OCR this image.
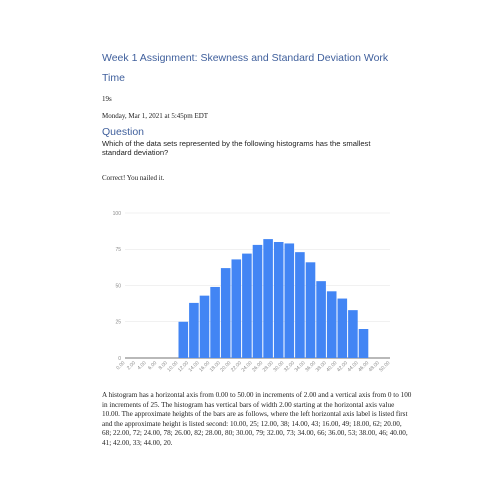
Week 1 Assignment: Skewness and Standard Deviation Work
Time
19s
Monday, Mar 1, 2021 at 5:45pm EDT
Question
Which of the data sets represented by the following histograms has the smallest standard deviation?
Correct! You nailed it.
0
25
50
75
100
0.00 2.00 4.00 6.00 8.00
10.00
12.00
14.00
16.00
18.00
20.00
22.00
24.00
26.00
28.00
30.00
32.00
34.00
36.00
38.00
40.00
42.00
44.00
46.00
48.00
50.00
A histogram has a horizontal axis from 0.00 to 50.00 in increments of 2.00 and a vertical axis from 0 to 100 in increments of 25. The histogram has vertical bars of width 2.00 starting at the horizontal axis value 10.00. The approximate heights of the bars are as follows, where the left horizontal axis label is listed first and the approximate height is listed second: 10.00, 25; 12.00, 38; 14.00, 43; 16.00, 49; 18.00, 62; 20.00, 68; 22.00, 72; 24.00, 78; 26.00, 82; 28.00, 80; 30.00, 79; 32.00, 73; 34.00, 66; 36.00, 53; 38.00, 46; 40.00, 41; 42.00, 33; 44.00, 20.
